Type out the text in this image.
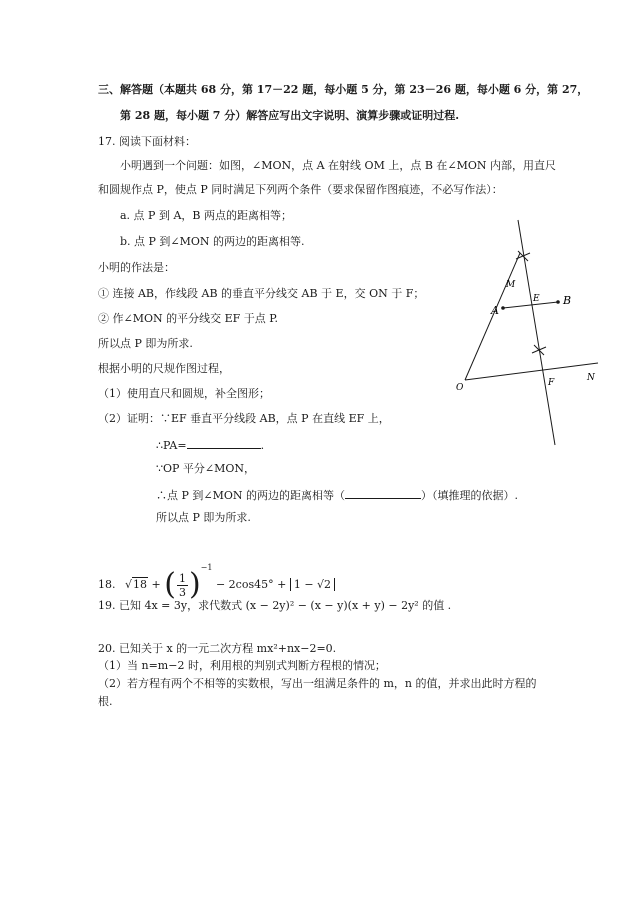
三、解答题（本题共 68 分，第 17－22 题，每小题 5 分，第 23－26 题，每小题 6 分，第 27，
第 28 题，每小题 7 分）解答应写出文字说明、演算步骤或证明过程.
17. 阅读下面材料：
小明遇到一个问题：如图，∠MON，点 A 在射线 OM 上，点 B 在∠MON 内部，用直尺
和圆规作点 P，使点 P 同时满足下列两个条件（要求保留作图痕迹，不必写作法）：
a. 点 P 到 A，B 两点的距离相等；
b. 点 P 到∠MON 的两边的距离相等.
小明的作法是：
① 连接 AB，作线段 AB 的垂直平分线交 AB 于 E，交 ON 于 F；
② 作∠MON 的平分线交 EF 于点 P.
所以点 P 即为所求.
根据小明的尺规作图过程，
（1）使用直尺和圆规，补全图形；
（2）证明：∵EF 垂直平分线段 AB，点 P 在直线 EF 上，
∴PA=	.
∵OP 平分∠MON，
∴点 P 到∠MON 的两边的距离相等（	）（填推理的依据）.
所以点 P 即为所求.
M
E B
A
O	F	N
18. √18 + ( $\frac{1}{3} )^{-1} - 2\cos 45^\circ + 1 - √2$
19. 已知 4x = 3y，求代数式 (x − 2y)² − (x − y)(x + y) − 2y² 的值 .
20. 已知关于 x 的一元二次方程 mx²+nx−2=0.
（1）当 n=m−2 时，利用根的判别式判断方程根的情况；
（2）若方程有两个不相等的实数根，写出一组满足条件的 m，n 的值，并求出此时方程的
根.
